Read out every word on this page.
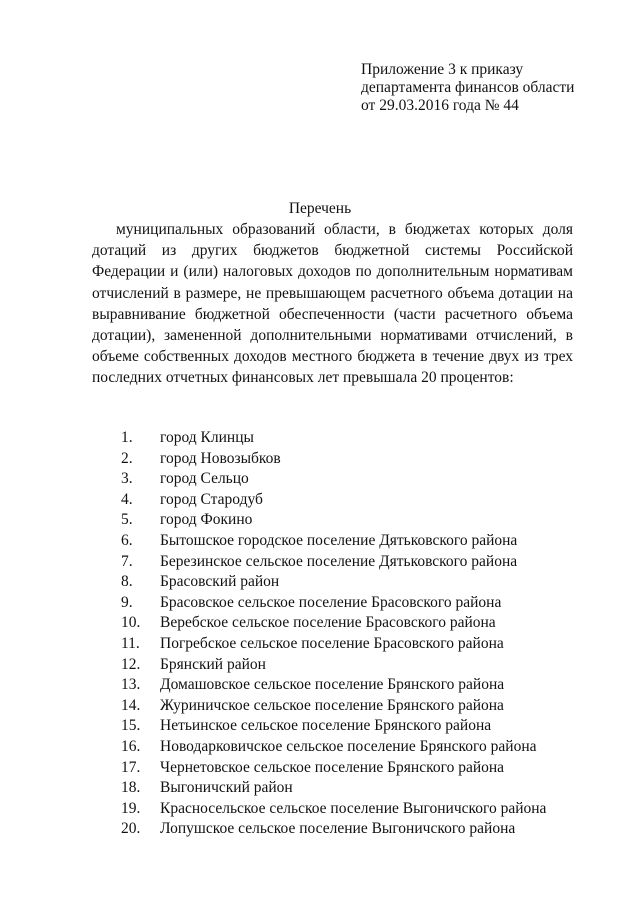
Приложение 3 к приказу
департамента финансов области
от 29.03.2016 года № 44
Перечень
муниципальных образований области, в бюджетах которых доля дотаций из других бюджетов бюджетной системы Российской Федерации и (или) налоговых доходов по дополнительным нормативам отчислений в размере, не превышающем расчетного объема дотации на выравнивание бюджетной обеспеченности (части расчетного объема дотации), замененной дополнительными нормативами отчислений, в объеме собственных доходов местного бюджета в течение двух из трех последних отчетных финансовых лет превышала 20 процентов:
1. город Клинцы
2. город Новозыбков
3. город Сельцо
4. город Стародуб
5. город Фокино
6. Бытошское городское поселение Дятьковского района
7. Березинское сельское поселение Дятьковского района
8. Брасовский район
9. Брасовское сельское поселение Брасовского района
10. Веребское сельское поселение Брасовского района
11. Погребское сельское поселение Брасовского района
12. Брянский район
13. Домашовское сельское поселение Брянского района
14. Журиничское сельское поселение Брянского района
15. Нетьинское сельское поселение Брянского района
16. Новодарковичское сельское поселение Брянского района
17. Чернетовское сельское поселение Брянского района
18. Выгоничский район
19. Красносельское сельское поселение Выгоничского района
20. Лопушское сельское поселение Выгоничского района
